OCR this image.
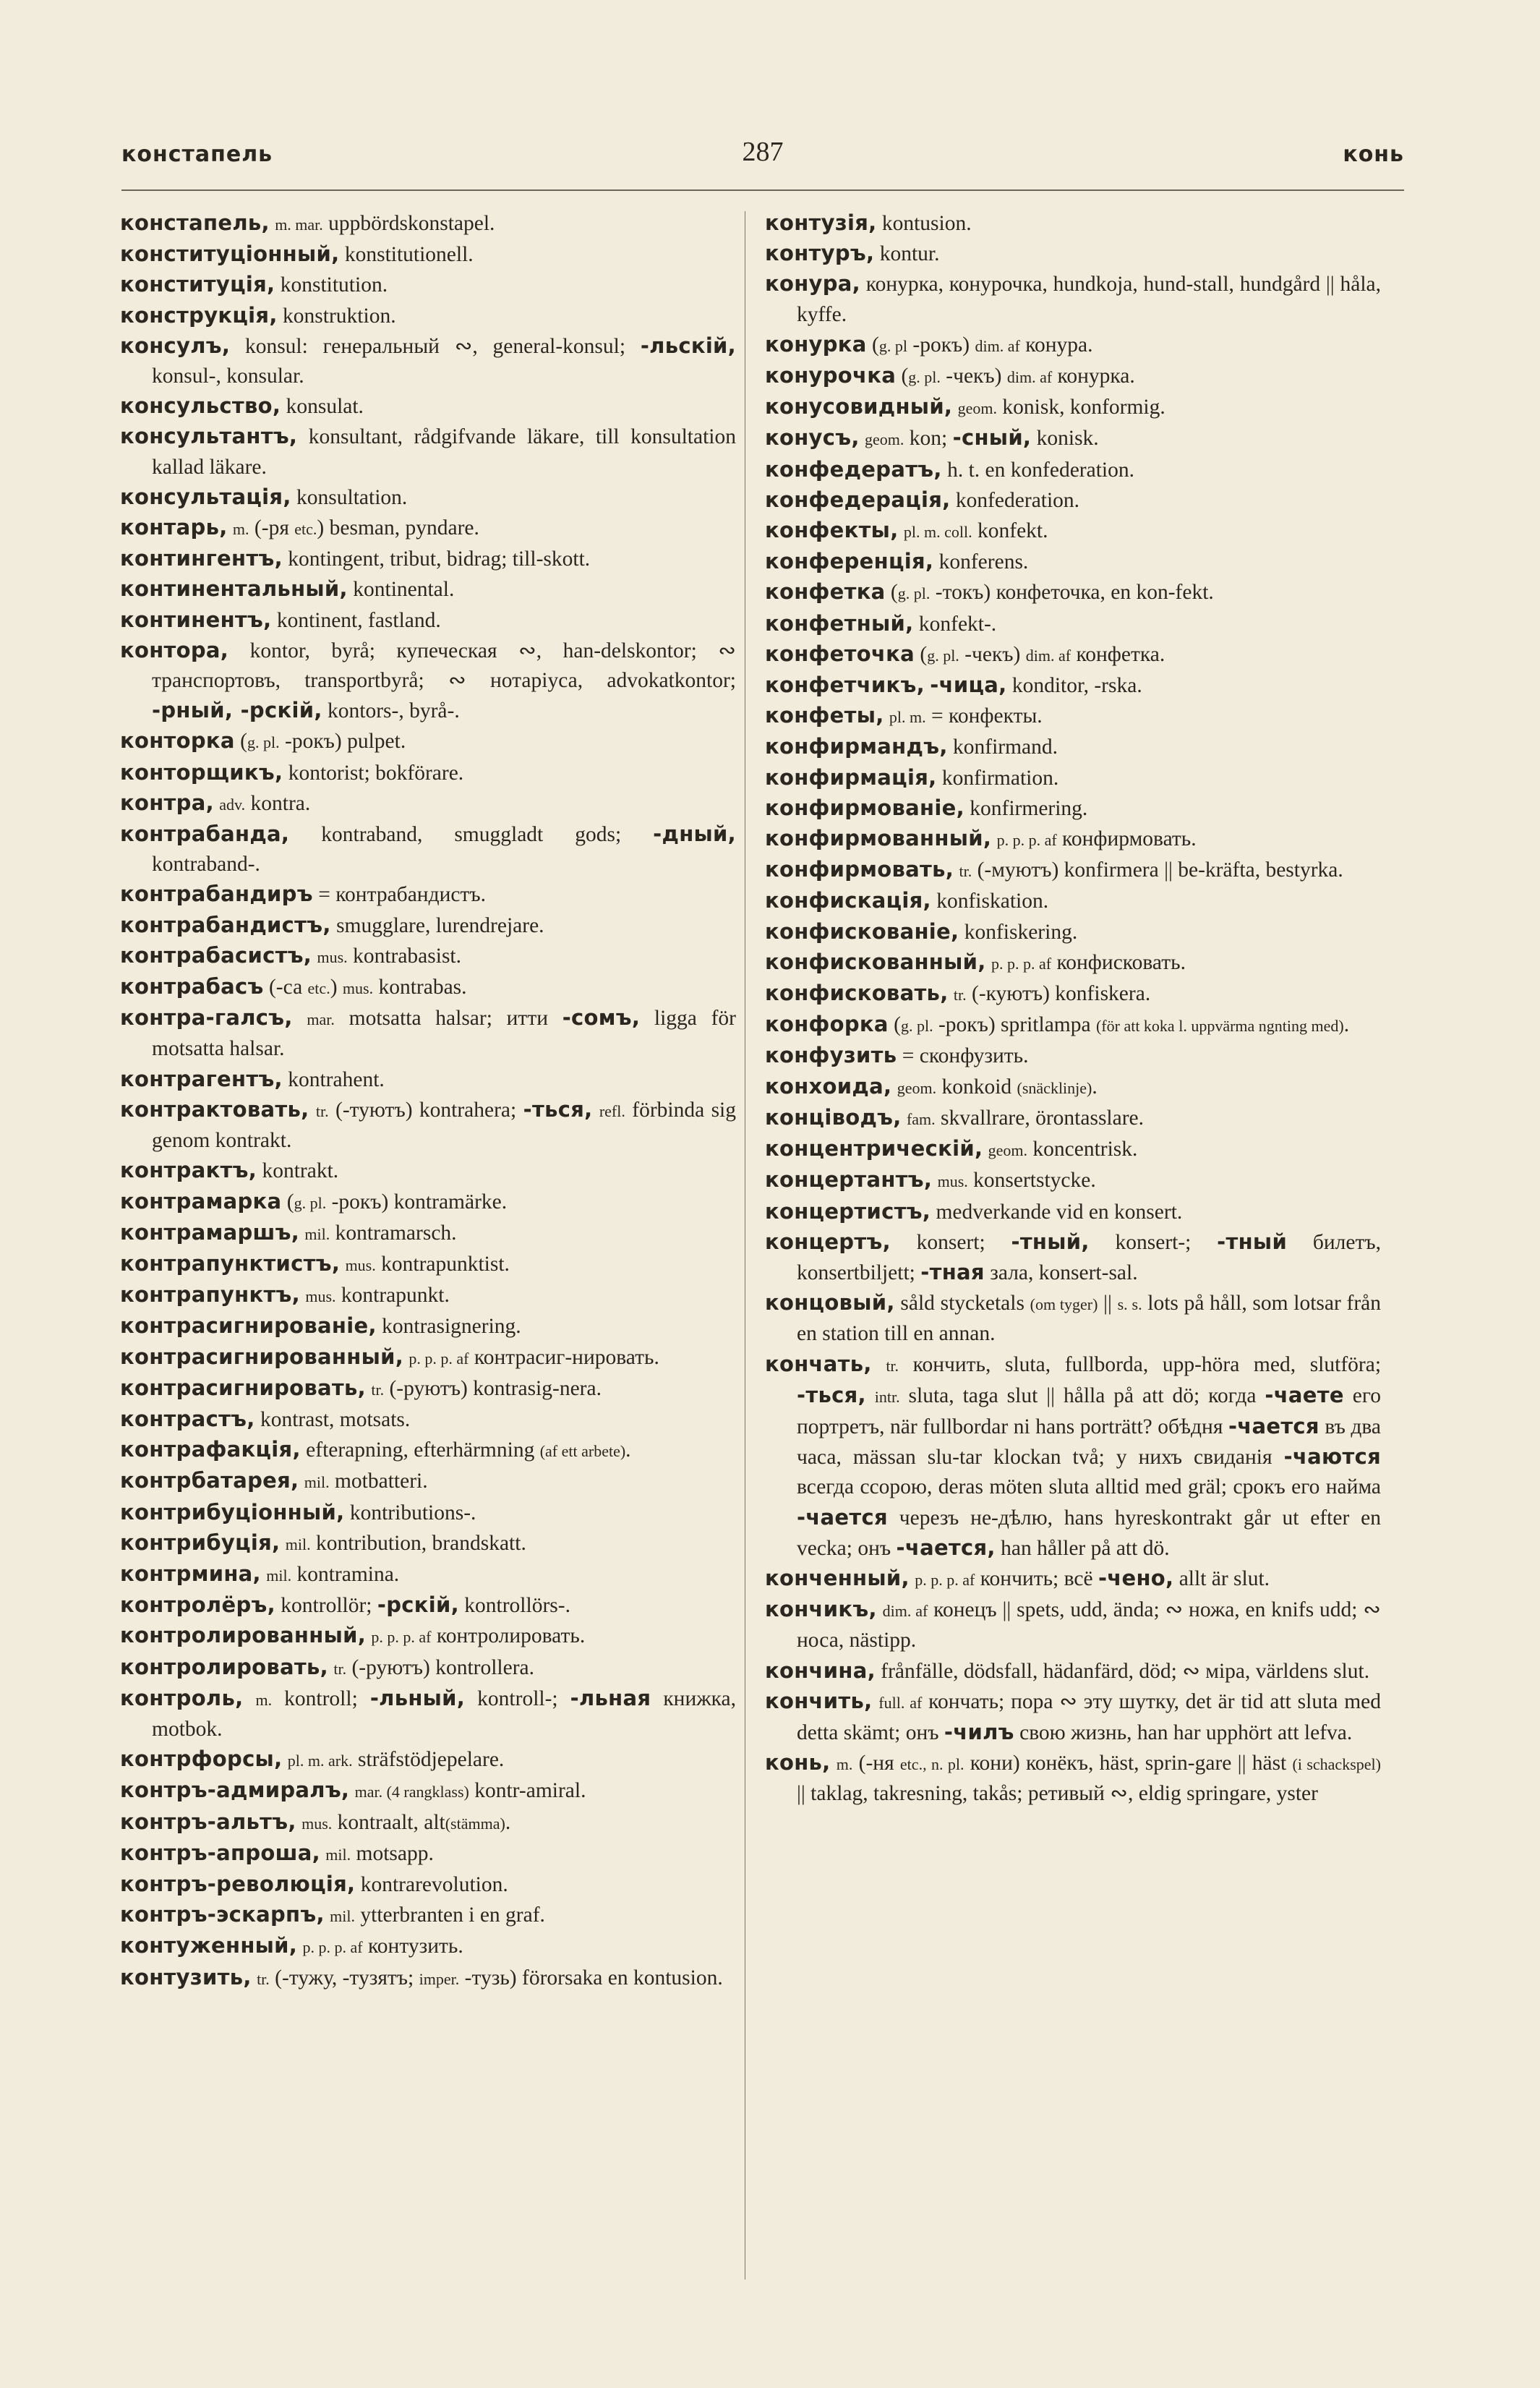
констапель	287	конь

констапель, m. mar. uppbördskonstapel.

конституціонный, konstitutionell.

конституція, konstitution.

конструкція, konstruktion.

консулъ, konsul: генеральный ∾, general-konsul; -льскій, konsul-, konsular.

консульство, konsulat.

консультантъ, konsultant, rådgifvande läkare, till konsultation kallad läkare.

консультація, konsultation.

контарь, m. (-ря etc.) besman, pyndare.

контингентъ, kontingent, tribut, bidrag; till-skott.

континентальный, kontinental.

континентъ, kontinent, fastland.

контора, kontor, byrå; купеческая ∾, han-delskontor; ∾ транспортовъ, transportbyrå; ∾ нотаріуса, advokatkontor; -рный, -рскій, kontors-, byrå-.

конторка (g. pl. -рокъ) pulpet.

конторщикъ, kontorist; bokförare.

контра, adv. kontra.

контрабанда, kontraband, smuggladt gods; -дный, kontraband-.

контрабандиръ = контрабандистъ.

контрабандистъ, smugglare, lurendrejare.

контрабасистъ, mus. kontrabasist.

контрабасъ (-са etc.) mus. kontrabas.

контра-галсъ, mar. motsatta halsar; итти -сомъ, ligga för motsatta halsar.

контрагентъ, kontrahent.

контрактовать, tr. (-туютъ) kontrahera; -ться, refl. förbinda sig genom kontrakt.

контрактъ, kontrakt.

контрамарка (g. pl. -рокъ) kontramärke.

контрамаршъ, mil. kontramarsch.

контрапунктистъ, mus. kontrapunktist.

контрапунктъ, mus. kontrapunkt.

контрасигнированіе, kontrasignering.

контрасигнированный, p. p. p. af контрасиг-нировать.

контрасигнировать, tr. (-руютъ) kontrasig-nera.

контрастъ, kontrast, motsats.

контрафакція, efterapning, efterhärmning (af ett arbete).

контрбатарея, mil. motbatteri.

контрибуціонный, kontributions-.

контрибуція, mil. kontribution, brandskatt.

контрмина, mil. kontramina.

контролёръ, kontrollör; -рскій, kontrollörs-.

контролированный, p. p. p. af контролировать.

контролировать, tr. (-руютъ) kontrollera.

контроль, m. kontroll; -льный, kontroll-; -льная книжка, motbok.

контрфорсы, pl. m. ark. sträfstödjepelare.

контръ-адмиралъ, mar. (4 rangklass) kontr-amiral.

контръ-альтъ, mus. kontraalt, alt(stämma).

контръ-апроша, mil. motsapp.

контръ-революція, kontrarevolution.

контръ-эскарпъ, mil. ytterbranten i en graf.

контуженный, p. p. p. af контузить.

контузить, tr. (-тужу, -тузятъ; imper. -тузь) förorsaka en kontusion.

контузія, kontusion.

контуръ, kontur.

конура, конурка, конурочка, hundkoja, hund-stall, hundgård || håla, kyffe.

конурка (g. pl -рокъ) dim. af конура.

конурочка (g. pl. -чекъ) dim. af конурка.

конусовидный, geom. konisk, konformig.

конусъ, geom. kon; -сный, konisk.

конфедератъ, h. t. en konfederation.

конфедерація, konfederation.

конфекты, pl. m. coll. konfekt.

конференція, konferens.

конфетка (g. pl. -токъ) конфеточка, en kon-fekt.

конфетный, konfekt-.

конфеточка (g. pl. -чекъ) dim. af конфетка.

конфетчикъ, -чица, konditor, -rska.

конфеты, pl. m. = конфекты.

конфирмандъ, konfirmand.

конфирмація, konfirmation.

конфирмованіе, konfirmering.

конфирмованный, p. p. p. af конфирмовать.

конфирмовать, tr. (-муютъ) konfirmera || be-kräfta, bestyrka.

конфискація, konfiskation.

конфискованіе, konfiskering.

конфискованный, p. p. p. af конфисковать.

конфисковать, tr. (-куютъ) konfiskera.

конфорка (g. pl. -рокъ) spritlampa (för att koka l. uppvärma ngnting med).

конфузить = сконфузить.

конхоида, geom. konkoid (snäcklinje).

конціводъ, fam. skvallrare, örontasslare.

концентрическій, geom. koncentrisk.

концертантъ, mus. konsertstycke.

концертистъ, medverkande vid en konsert.

концертъ, konsert; -тный, konsert-; -тный билетъ, konsertbiljett; -тная зала, konsert-sal.

концовый, såld stycketals (om tyger) || s. s. lots på håll, som lotsar från en station till en annan.

кончать, tr. кончить, sluta, fullborda, upp-höra med, slutföra; -ться, intr. sluta, taga slut || hålla på att dö; когда -чаете его портретъ, när fullbordar ni hans porträtt? обѣдня -чается въ два часа, mässan slu-tar klockan två; у нихъ свиданія -чаются всегда ссорою, deras möten sluta alltid med gräl; срокъ его найма -чается черезъ не-дѣлю, hans hyreskontrakt går ut efter en vecka; онъ -чается, han håller på att dö.

конченный, p. p. p. af кончить; всё -чено, allt är slut.

кончикъ, dim. af конецъ || spets, udd, ända; ∾ ножа, en knifs udd; ∾ носа, nästipp.

кончина, frånfälle, dödsfall, hädanfärd, död; ∾ міра, världens slut.

кончить, full. af кончать; пора ∾ эту шутку, det är tid att sluta med detta skämt; онъ -чилъ свою жизнь, han har upphört att lefva.

конь, m. (-ня etc., n. pl. кони) конёкъ, häst, sprin-gare || häst (i schackspel) || taklag, takresning, takås; ретивый ∾, eldig springare, yster
